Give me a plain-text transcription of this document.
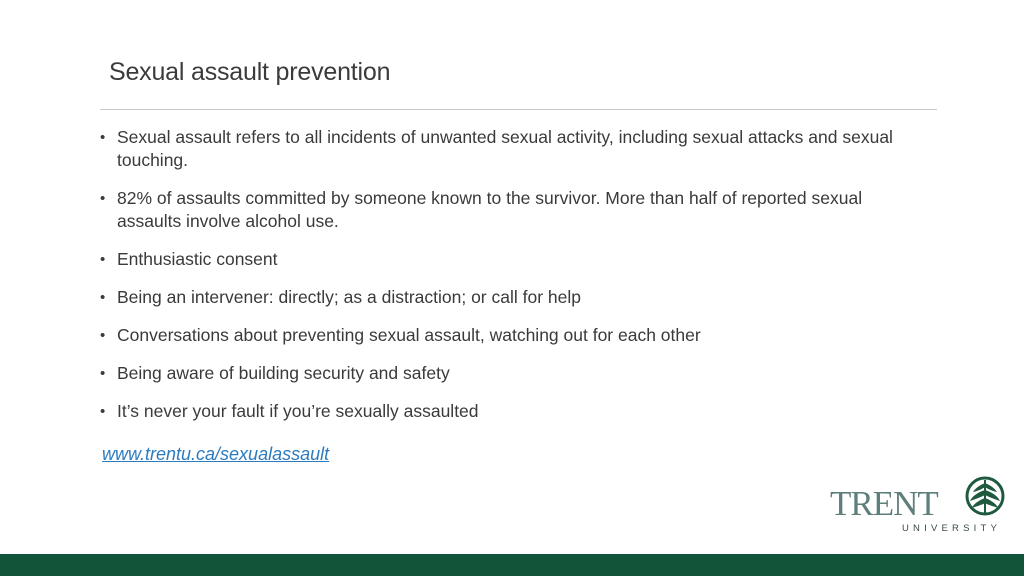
Sexual assault prevention
• Sexual assault refers to all incidents of unwanted sexual activity, including sexual attacks and sexual touching.
• 82% of assaults committed by someone known to the survivor. More than half of reported sexual assaults involve alcohol use.
• Enthusiastic consent
• Being an intervener: directly; as a distraction; or call for help
• Conversations about preventing sexual assault, watching out for each other
• Being aware of building security and safety
• It’s never your fault if you’re sexually assaulted
www.trentu.ca/sexualassault
TRENT
UNIVERSITY
